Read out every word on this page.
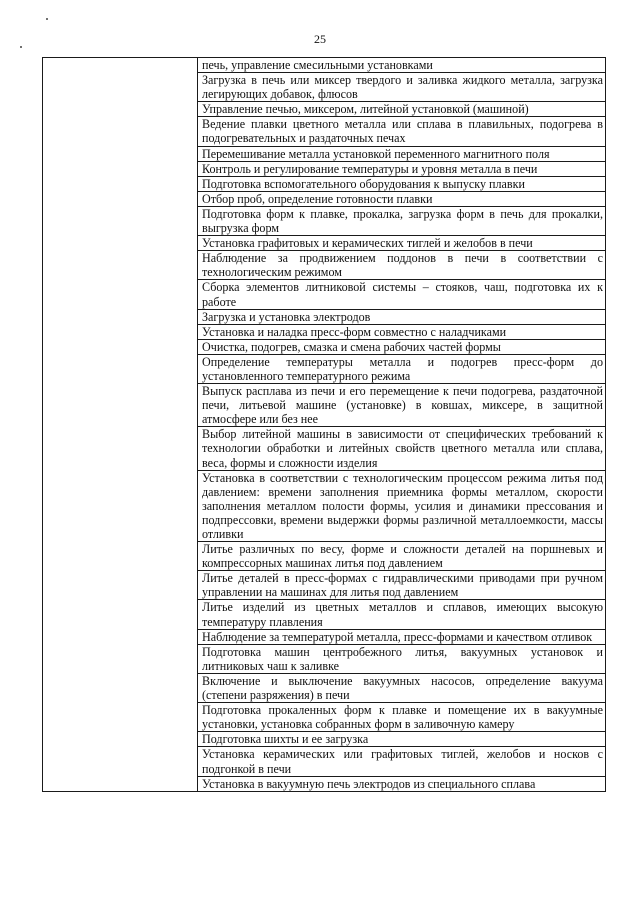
25
	печь, управление смесильными установками
Загрузка в печь или миксер твердого и заливка жидкого металла, загрузка легирующих добавок, флюсов
Управление печью, миксером, литейной установкой (машиной)
Ведение плавки цветного металла или сплава в плавильных, подогрева в подогревательных и раздаточных печах
Перемешивание металла установкой переменного магнитного поля
Контроль и регулирование температуры и уровня металла в печи
Подготовка вспомогательного оборудования к выпуску плавки
Отбор проб, определение готовности плавки
Подготовка форм к плавке, прокалка, загрузка форм в печь для прокалки, выгрузка форм
Установка графитовых и керамических тиглей и желобов в печи
Наблюдение за продвижением поддонов в печи в соответствии с технологическим режимом
Сборка элементов литниковой системы – стояков, чаш, подготовка их к работе
Загрузка и установка электродов
Установка и наладка пресс-форм совместно с наладчиками
Очистка, подогрев, смазка и смена рабочих частей формы
Определение температуры металла и подогрев пресс-форм до установленного температурного режима
Выпуск расплава из печи и его перемещение к печи подогрева, раздаточной печи, литьевой машине (установке) в ковшах, миксере, в защитной атмосфере или без нее
Выбор литейной машины в зависимости от специфических требований к технологии обработки и литейных свойств цветного металла или сплава, веса, формы и сложности изделия
Установка в соответствии с технологическим процессом режима литья под давлением: времени заполнения приемника формы металлом, скорости заполнения металлом полости формы, усилия и динамики прессования и подпрессовки, времени выдержки формы различной металлоемкости, массы отливки
Литье различных по весу, форме и сложности деталей на поршневых и компрессорных машинах литья под давлением
Литье деталей в пресс-формах с гидравлическими приводами при ручном управлении на машинах для литья под давлением
Литье изделий из цветных металлов и сплавов, имеющих высокую температуру плавления
Наблюдение за температурой металла, пресс-формами и качеством отливок
Подготовка машин центробежного литья, вакуумных установок и литниковых чаш к заливке
Включение и выключение вакуумных насосов, определение вакуума (степени разряжения) в печи
Подготовка прокаленных форм к плавке и помещение их в вакуумные установки, установка собранных форм в заливочную камеру
Подготовка шихты и ее загрузка
Установка керамических или графитовых тиглей, желобов и носков с подгонкой в печи
Установка в вакуумную печь электродов из специального сплава
